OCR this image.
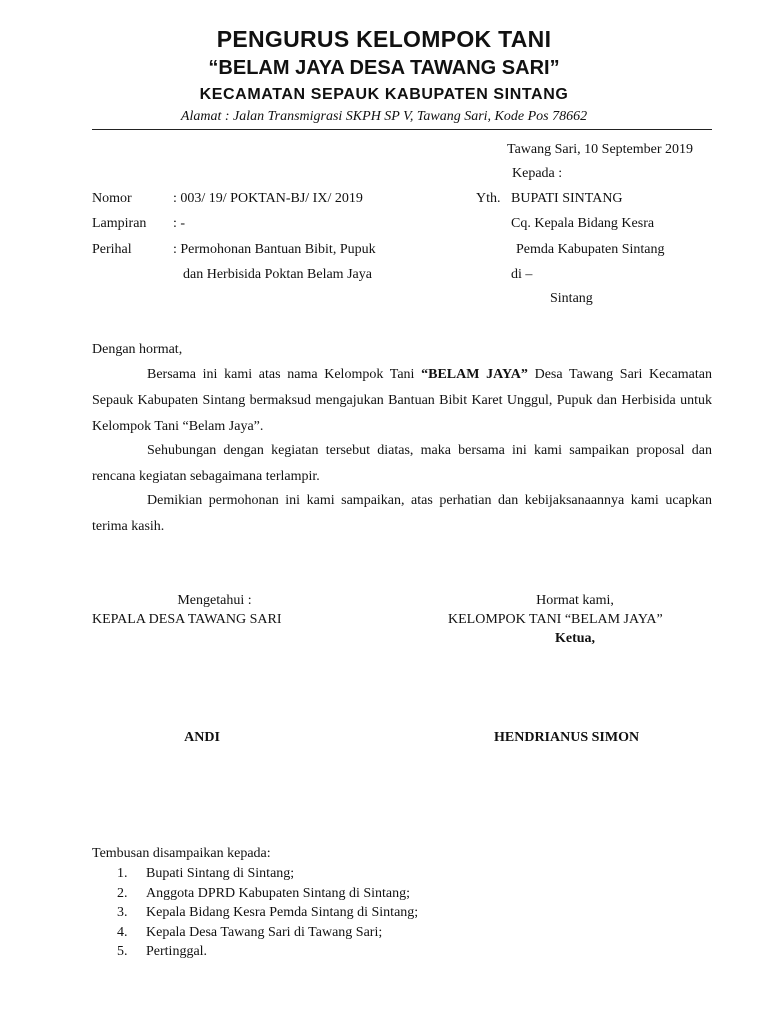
PENGURUS KELOMPOK TANI
“BELAM JAYA DESA TAWANG SARI”
KECAMATAN SEPAUK KABUPATEN SINTANG
Alamat : Jalan Transmigrasi SKPH SP V, Tawang Sari, Kode Pos 78662
Tawang Sari, 10 September 2019
Kepada :
Yth. BUPATI SINTANG
Cq. Kepala Bidang Kesra
Pemda Kabupaten Sintang
di –
Sintang
Nomor	: 003/ 19/ POKTAN-BJ/ IX/ 2019
Lampiran : -
Perihal	: Permohonan Bantuan Bibit, Pupuk
dan Herbisida Poktan Belam Jaya
Dengan hormat,

Bersama ini kami atas nama Kelompok Tani “BELAM JAYA” Desa Tawang Sari Kecamatan Sepauk Kabupaten Sintang bermaksud mengajukan Bantuan Bibit Karet Unggul, Pupuk dan Herbisida untuk Kelompok Tani “Belam Jaya”.

Sehubungan dengan kegiatan tersebut diatas, maka bersama ini kami sampaikan proposal dan rencana kegiatan sebagaimana terlampir.

Demikian permohonan ini kami sampaikan, atas perhatian dan kebijaksanaannya kami ucapkan terima kasih.

Mengetahui :
KEPALA DESA TAWANG SARI
ANDI
Hormat kami,
KELOMPOK TANI “BELAM JAYA”
Ketua,
HENDRIANUS SIMON
Tembusan disampaikan kepada:
1. Bupati Sintang di Sintang;
2. Anggota DPRD Kabupaten Sintang di Sintang;
3. Kepala Bidang Kesra Pemda Sintang di Sintang;
4. Kepala Desa Tawang Sari di Tawang Sari;
5. Pertinggal.
